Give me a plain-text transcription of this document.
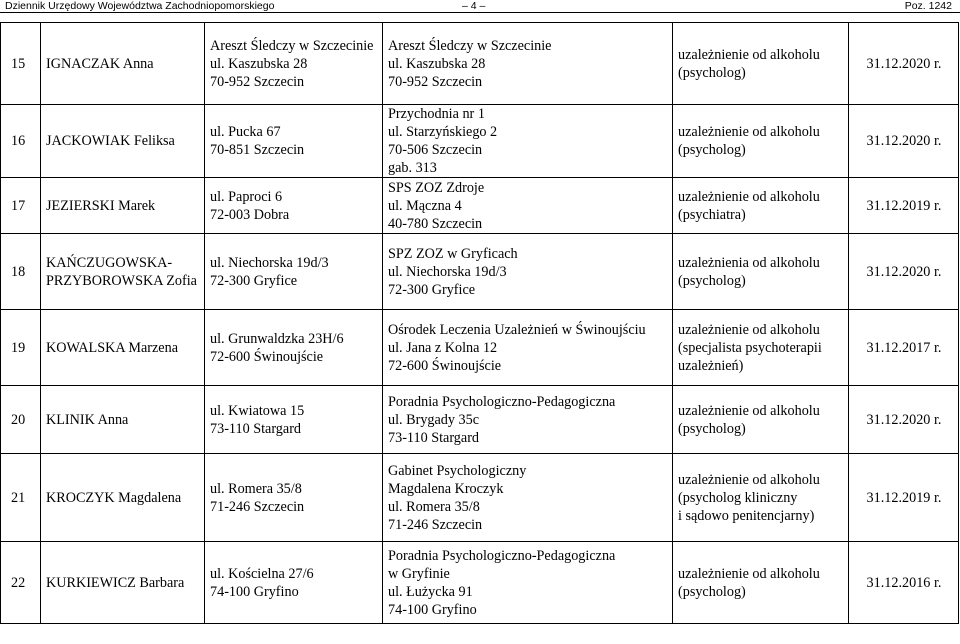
Dziennik Urzędowy Województwa Zachodniopomorskiego	– 4 –	Poz. 1242
15	IGNACZAK Anna	Areszt Śledczy w Szczecinie
ul. Kaszubska 28
70-952 Szczecin	Areszt Śledczy w Szczecinie
ul. Kaszubska 28
70-952 Szczecin	uzależnienie od alkoholu
(psycholog)	31.12.2020 r.
16	JACKOWIAK Feliksa	ul. Pucka 67
70-851 Szczecin	Przychodnia nr 1
ul. Starzyńskiego 2
70-506 Szczecin
gab. 313	uzależnienie od alkoholu
(psycholog)	31.12.2020 r.
17	JEZIERSKI Marek	ul. Paproci 6
72-003 Dobra	SPS ZOZ Zdroje
ul. Mączna 4
40-780 Szczecin	uzależnienie od alkoholu
(psychiatra)	31.12.2019 r.
18	KAŃCZUGOWSKA-
PRZYBOROWSKA Zofia	ul. Niechorska 19d/3
72-300 Gryfice	SPZ ZOZ w Gryficach
ul. Niechorska 19d/3
72-300 Gryfice	uzależnienia od alkoholu
(psycholog)	31.12.2020 r.
19	KOWALSKA Marzena	ul. Grunwaldzka 23H/6
72-600 Świnoujście	Ośrodek Leczenia Uzależnień w Świnoujściu
ul. Jana z Kolna 12
72-600 Świnoujście	uzależnienie od alkoholu
(specjalista psychoterapii
uzależnień)	31.12.2017 r.
20	KLINIK Anna	ul. Kwiatowa 15
73-110 Stargard	Poradnia Psychologiczno-Pedagogiczna
ul. Brygady 35c
73-110 Stargard	uzależnienie od alkoholu
(psycholog)	31.12.2020 r.
21	KROCZYK Magdalena	ul. Romera 35/8
71-246 Szczecin	Gabinet Psychologiczny
Magdalena Kroczyk
ul. Romera 35/8
71-246 Szczecin	uzależnienie od alkoholu
(psycholog kliniczny
i sądowo penitencjarny)	31.12.2019 r.
22	KURKIEWICZ Barbara	ul. Kościelna 27/6
74-100 Gryfino	Poradnia Psychologiczno-Pedagogiczna
w Gryfinie
ul. Łużycka 91
74-100 Gryfino	uzależnienie od alkoholu
(psycholog)	31.12.2016 r.
